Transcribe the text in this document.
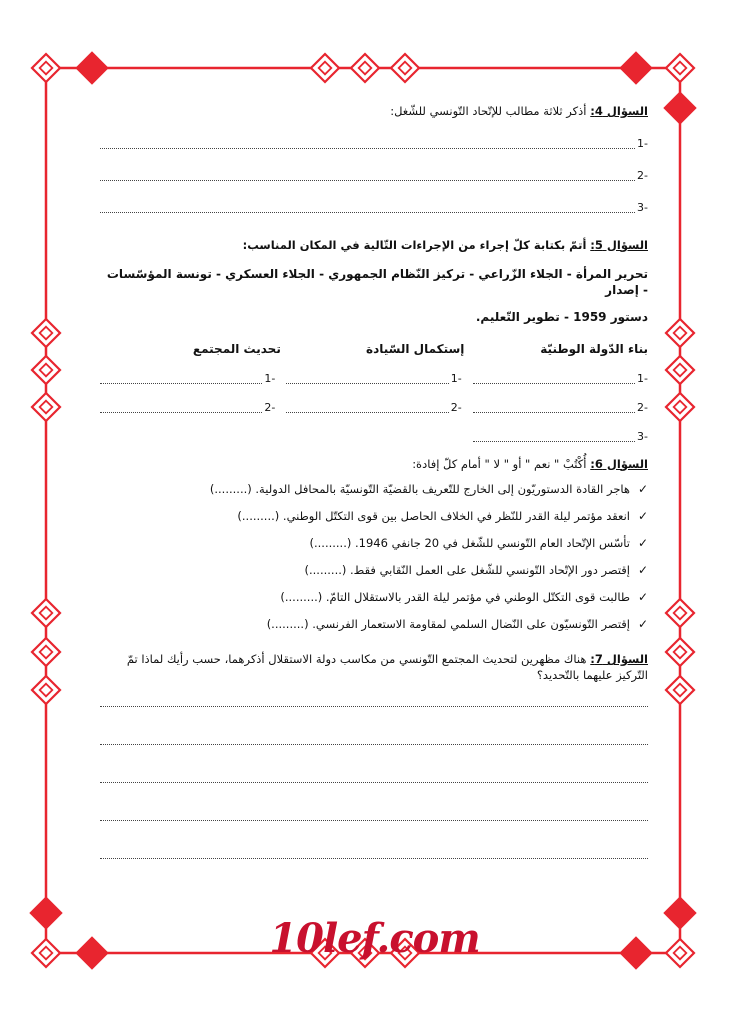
السؤال 4: أذكر ثلاثة مطالب للإتّحاد التّونسي للشّغل:
-1
-2
-3
السؤال 5: أتمّ بكتابة كلّ إجراء من الإجراءات التّالية في المكان المناسب:
تحرير المرأة - الجلاء الزّراعي - تركيز النّظام الجمهوري - الجلاء العسكري - تونسة المؤسّسات - إصدار
دستور 1959 - تطوير التّعليم.
بناء الدّولة الوطنيّة
إستكمال السّيادة
تحديث المجتمع
-1
-1
-1
-2
-2
-2
-3
السؤال 6: أُكْتُبْ " نعم " أو " لا " أمام كلّ إفادة:
✓
هاجر القادة الدستوريّون إلى الخارج للتّعريف بالقضيّة التّونسيّة بالمحافل الدولية. (.........)
✓
انعقد مؤتمر ليلة القدر للنّظر في الخلاف الحاصل بين قوى التكتّل الوطني. (.........)
✓
تأسّس الإتّحاد العام التّونسي للشّغل في 20 جانفي 1946. (.........)
✓
إقتصر دور الإتّحاد التّونسي للشّغل على العمل النّقابي فقط. (.........)
✓
طالبت قوى التكتّل الوطني في مؤتمر ليلة القدر بالاستقلال التامّ. (.........)
✓
إقتصر التّونسيّون على النّضال السلمي لمقاومة الاستعمار الفرنسي. (.........)
السؤال 7: هناك مظهرين لتحديث المجتمع التّونسي من مكاسب دولة الاستقلال أذكرهما، حسب رأيك لماذا تمّ
التّركيز عليهما بالتّحديد؟
10lef.com
